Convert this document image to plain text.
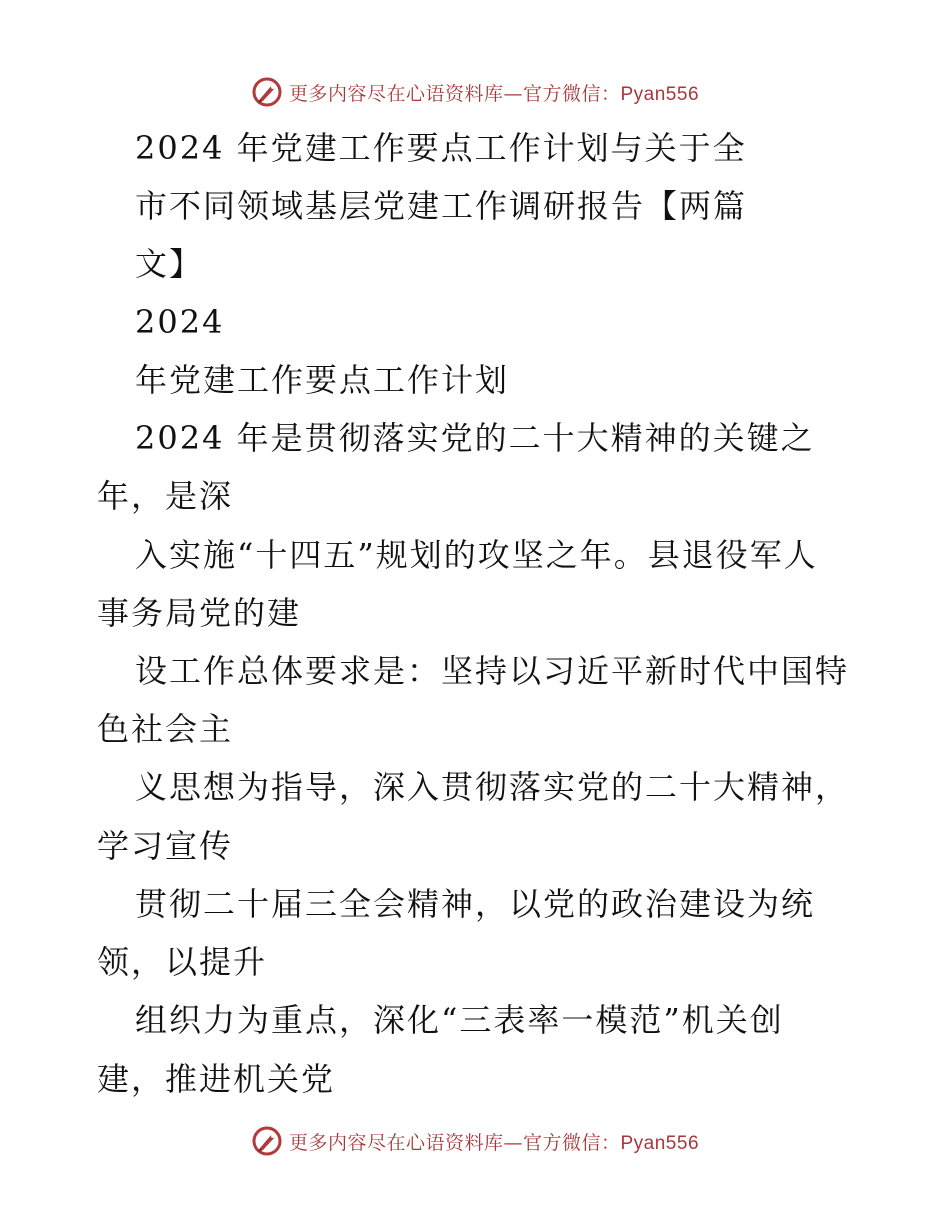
更多内容尽在心语资料库—官方微信：Pyan556
2024 年党建工作要点工作计划与关于全
市不同领域基层党建工作调研报告【两篇
文】
2024
年党建工作要点工作计划
2024 年是贯彻落实党的二十大精神的关键之
年，是深
入实施“十四五”规划的攻坚之年。县退役军人
事务局党的建
设工作总体要求是：坚持以习近平新时代中国特
色社会主
义思想为指导，深入贯彻落实党的二十大精神，
学习宣传
贯彻二十届三全会精神，以党的政治建设为统
领，以提升
组织力为重点，深化“三表率一模范”机关创
建，推进机关党
更多内容尽在心语资料库—官方微信：Pyan556
